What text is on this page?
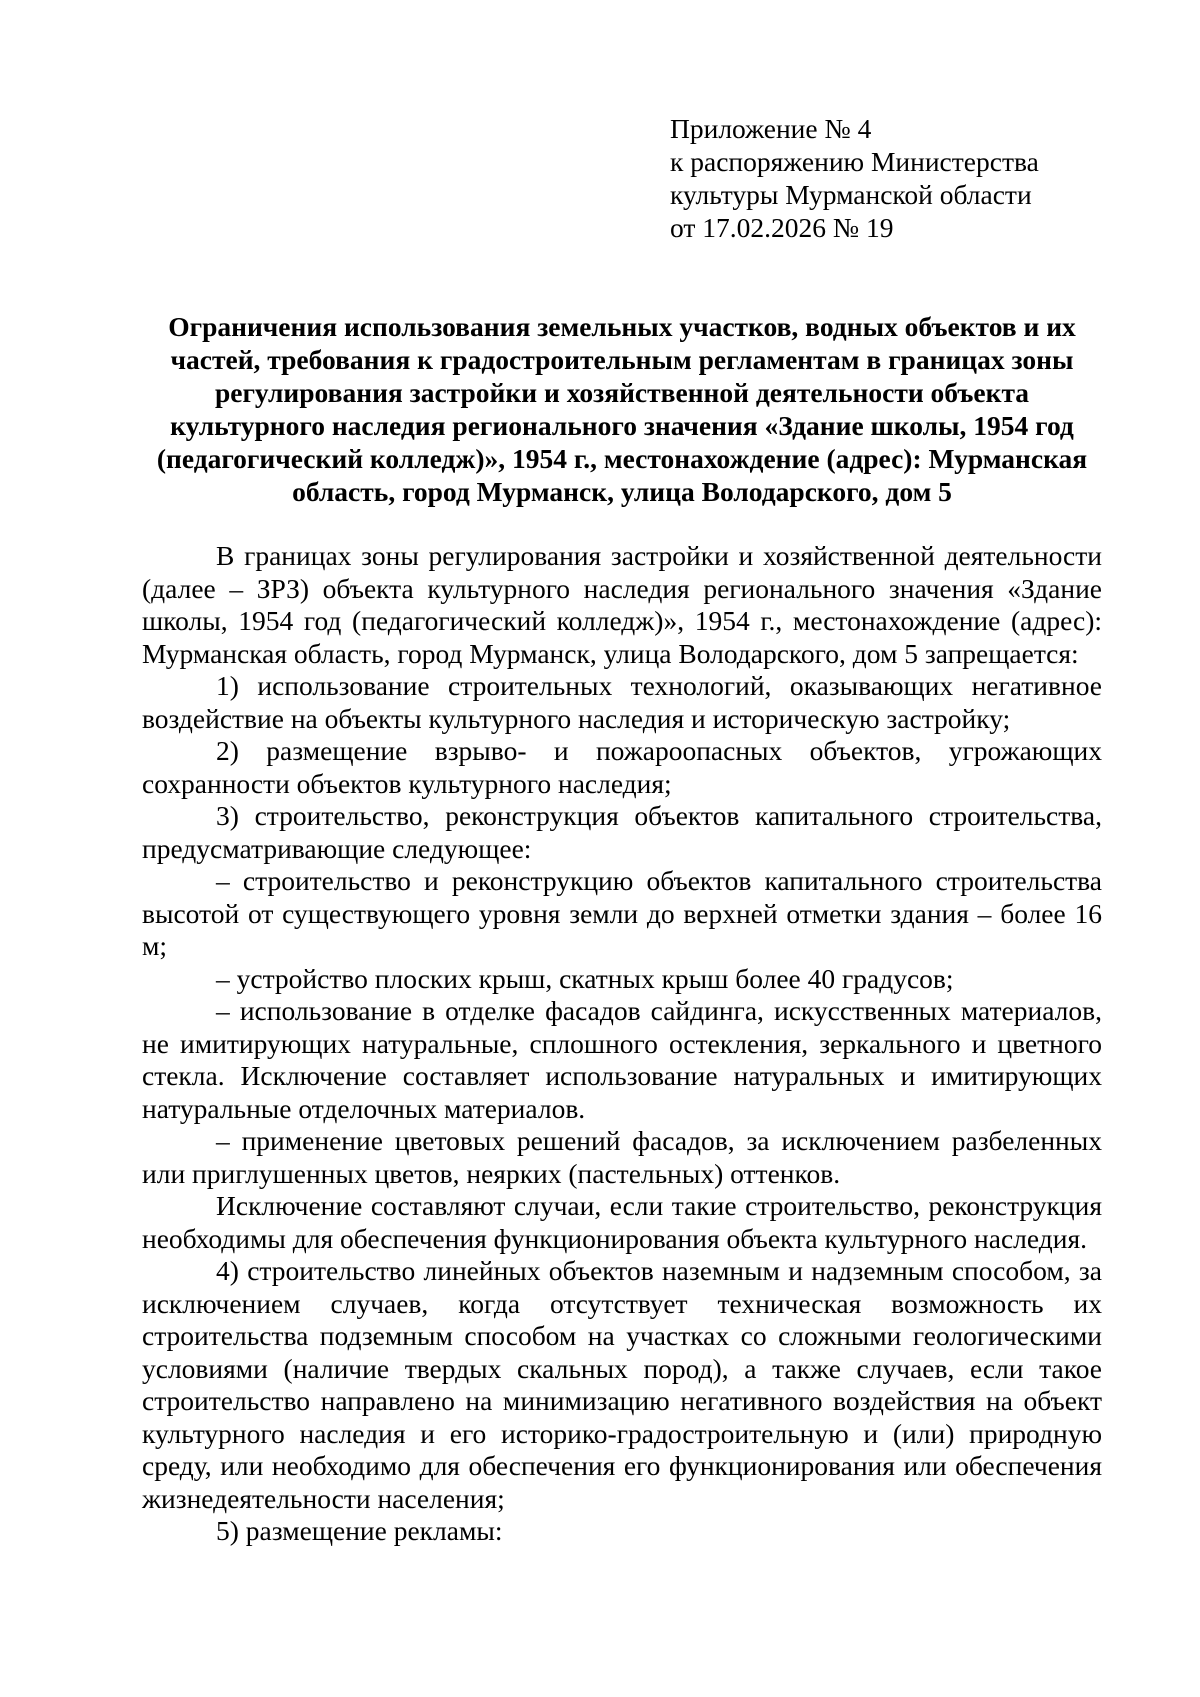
Приложение № 4
к распоряжению Министерства
культуры Мурманской области
от 17.02.2026 № 19
Ограничения использования земельных участков, водных объектов и их
частей, требования к градостроительным регламентам в границах зоны
регулирования застройки и хозяйственной деятельности объекта
культурного наследия регионального значения «Здание школы, 1954 год
(педагогический колледж)», 1954 г., местонахождение (адрес): Мурманская
область, город Мурманск, улица Володарского, дом 5

В границах зоны регулирования застройки и хозяйственной деятельности (далее – ЗРЗ) объекта культурного наследия регионального значения «Здание школы, 1954 год (педагогический колледж)», 1954 г., местонахождение (адрес): Мурманская область, город Мурманск, улица Володарского, дом 5 запрещается:

1) использование строительных технологий, оказывающих негативное воздействие на объекты культурного наследия и историческую застройку;

2) размещение взрыво- и пожароопасных объектов, угрожающих сохранности объектов культурного наследия;

3) строительство, реконструкция объектов капитального строительства, предусматривающие следующее:

– строительство и реконструкцию объектов капитального строительства высотой от существующего уровня земли до верхней отметки здания – более 16 м;

– устройство плоских крыш, скатных крыш более 40 градусов;

– использование в отделке фасадов сайдинга, искусственных материалов, не имитирующих натуральные, сплошного остекления, зеркального и цветного стекла. Исключение составляет использование натуральных и имитирующих натуральные отделочных материалов.

– применение цветовых решений фасадов, за исключением разбеленных или приглушенных цветов, неярких (пастельных) оттенков.

Исключение составляют случаи, если такие строительство, реконструкция необходимы для обеспечения функционирования объекта культурного наследия.

4) строительство линейных объектов наземным и надземным способом, за исключением случаев, когда отсутствует техническая возможность их строительства подземным способом на участках со сложными геологическими условиями (наличие твердых скальных пород), а также случаев, если такое строительство направлено на минимизацию негативного воздействия на объект культурного наследия и его историко-градостроительную и (или) природную среду, или необходимо для обеспечения его функционирования или обеспечения жизнедеятельности населения;

5) размещение рекламы:
